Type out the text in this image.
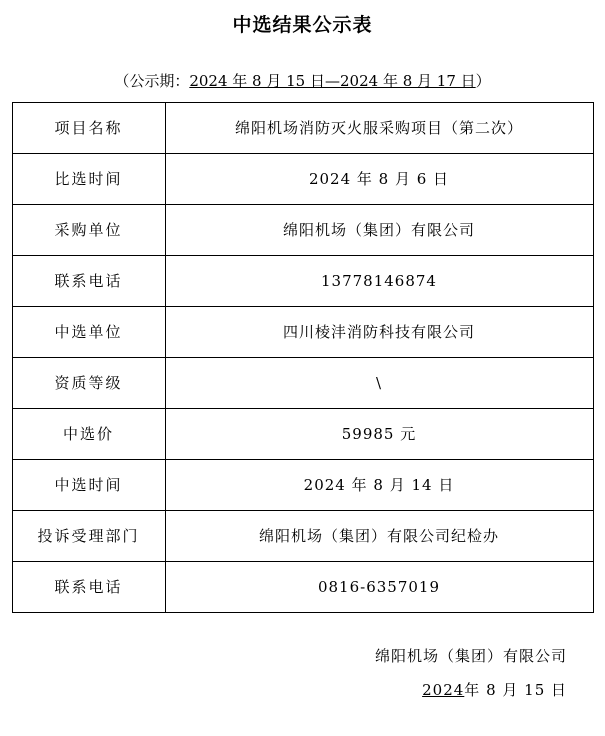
中选结果公示表
（公示期：2024 年 8 月 15 日—2024 年 8 月 17 日）
项目名称	绵阳机场消防灭火服采购项目（第二次）
比选时间	2024 年 8 月 6 日
采购单位	绵阳机场（集团）有限公司
联系电话	13778146874
中选单位	四川棱沣消防科技有限公司
资质等级	\
中选价	59985 元
中选时间	2024 年 8 月 14 日
投诉受理部门	绵阳机场（集团）有限公司纪检办
联系电话	0816-6357019
绵阳机场（集团）有限公司
2024年 8 月 15 日
